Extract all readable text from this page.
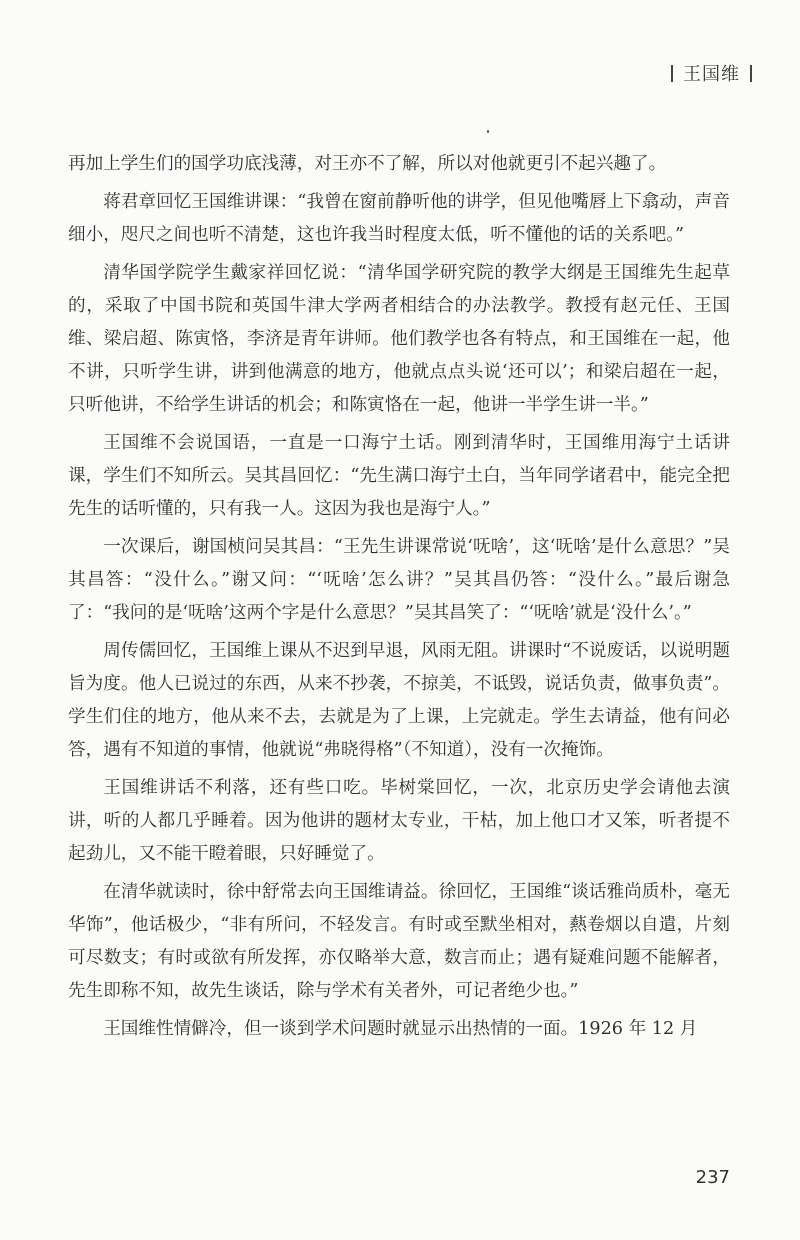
王国维

再加上学生们的国学功底浅薄，对王亦不了解，所以对他就更引不起兴趣了。

蒋君章回忆王国维讲课：“我曾在窗前静听他的讲学，但见他嘴唇上下翕动，声音细小，咫尺之间也听不清楚，这也许我当时程度太低，听不懂他的话的关系吧。”

清华国学院学生戴家祥回忆说：“清华国学研究院的教学大纲是王国维先生起草的，采取了中国书院和英国牛津大学两者相结合的办法教学。教授有赵元任、王国维、梁启超、陈寅恪，李济是青年讲师。他们教学也各有特点，和王国维在一起，他不讲，只听学生讲，讲到他满意的地方，他就点点头说‘还可以’；和梁启超在一起，只听他讲，不给学生讲话的机会；和陈寅恪在一起，他讲一半学生讲一半。”

王国维不会说国语，一直是一口海宁土话。刚到清华时，王国维用海宁土话讲课，学生们不知所云。吴其昌回忆：“先生满口海宁土白，当年同学诸君中，能完全把先生的话听懂的，只有我一人。这因为我也是海宁人。”

一次课后，谢国桢问吴其昌：“王先生讲课常说‘呒啥’，这‘呒啥’是什么意思？”吴其昌答：“没什么。”谢又问：“‘呒啥’怎么讲？”吴其昌仍答：“没什么。”最后谢急了：“我问的是‘呒啥’这两个字是什么意思？”吴其昌笑了：“‘呒啥’就是‘没什么’。”

周传儒回忆，王国维上课从不迟到早退，风雨无阻。讲课时“不说废话，以说明题旨为度。他人已说过的东西，从来不抄袭，不掠美，不诋毁，说话负责，做事负责”。学生们住的地方，他从来不去，去就是为了上课，上完就走。学生去请益，他有问必答，遇有不知道的事情，他就说“弗晓得格”（不知道），没有一次掩饰。

王国维讲话不利落，还有些口吃。毕树棠回忆，一次，北京历史学会请他去演讲，听的人都几乎睡着。因为他讲的题材太专业，干枯，加上他口才又笨，听者提不起劲儿，又不能干瞪着眼，只好睡觉了。

在清华就读时，徐中舒常去向王国维请益。徐回忆，王国维“谈话雅尚质朴，毫无华饰”，他话极少，“非有所问，不轻发言。有时或至默坐相对，爇卷烟以自遣，片刻可尽数支；有时或欲有所发挥，亦仅略举大意，数言而止；遇有疑难问题不能解者，先生即称不知，故先生谈话，除与学术有关者外，可记者绝少也。”

王国维性情僻冷，但一谈到学术问题时就显示出热情的一面。1926 年 12 月

237
